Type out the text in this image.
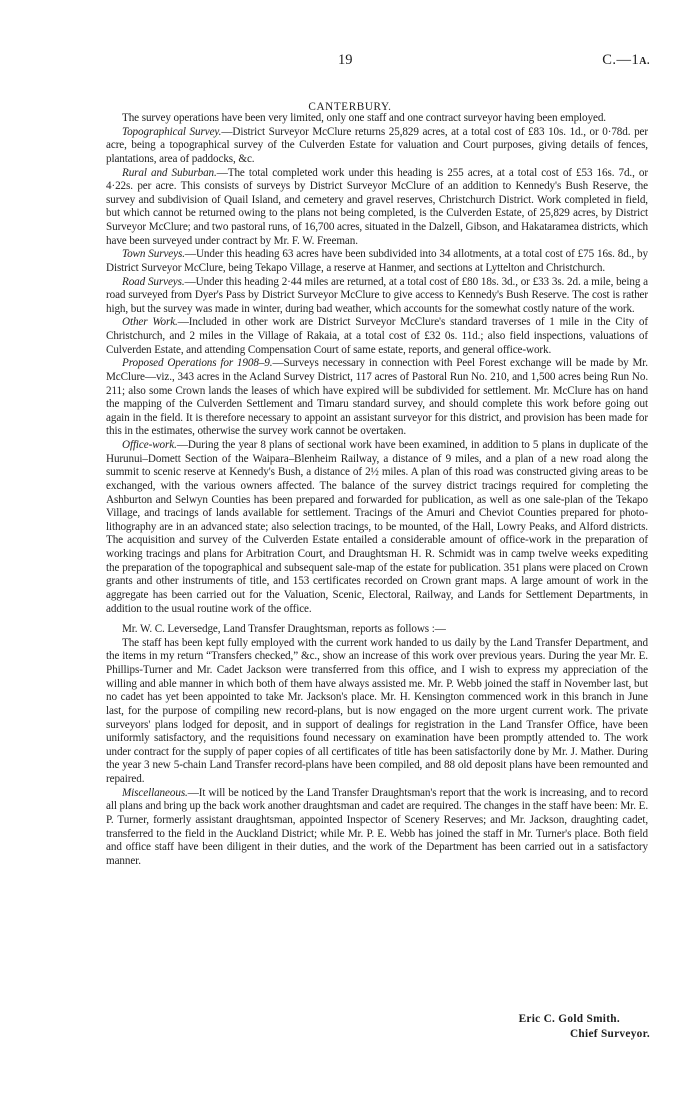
19	C.—1A.
CANTERBURY.

The survey operations have been very limited, only one staff and one contract surveyor having been employed.

Topographical Survey.—District Surveyor McClure returns 25,829 acres, at a total cost of £83 10s. 1d., or 0·78d. per acre, being a topographical survey of the Culverden Estate for valuation and Court purposes, giving details of fences, plantations, area of paddocks, &c.

Rural and Suburban.—The total completed work under this heading is 255 acres, at a total cost of £53 16s. 7d., or 4·22s. per acre. This consists of surveys by District Surveyor McClure of an addition to Kennedy's Bush Reserve, the survey and subdivision of Quail Island, and cemetery and gravel reserves, Christchurch District. Work completed in field, but which cannot be returned owing to the plans not being completed, is the Culverden Estate, of 25,829 acres, by District Surveyor McClure; and two pastoral runs, of 16,700 acres, situated in the Dalzell, Gibson, and Hakataramea districts, which have been surveyed under contract by Mr. F. W. Freeman.

Town Surveys.—Under this heading 63 acres have been subdivided into 34 allotments, at a total cost of £75 16s. 8d., by District Surveyor McClure, being Tekapo Village, a reserve at Hanmer, and sections at Lyttelton and Christchurch.

Road Surveys.—Under this heading 2·44 miles are returned, at a total cost of £80 18s. 3d., or £33 3s. 2d. a mile, being a road surveyed from Dyer's Pass by District Surveyor McClure to give access to Kennedy's Bush Reserve. The cost is rather high, but the survey was made in winter, during bad weather, which accounts for the somewhat costly nature of the work.

Other Work.—Included in other work are District Surveyor McClure's standard traverses of 1 mile in the City of Christchurch, and 2 miles in the Village of Rakaia, at a total cost of £32 0s. 11d.; also field inspections, valuations of Culverden Estate, and attending Compensation Court of same estate, reports, and general office-work.

Proposed Operations for 1908–9.—Surveys necessary in connection with Peel Forest exchange will be made by Mr. McClure—viz., 343 acres in the Acland Survey District, 117 acres of Pastoral Run No. 210, and 1,500 acres being Run No. 211; also some Crown lands the leases of which have expired will be subdivided for settlement. Mr. McClure has on hand the mapping of the Culverden Settlement and Timaru standard survey, and should complete this work before going out again in the field. It is therefore necessary to appoint an assistant surveyor for this district, and provision has been made for this in the estimates, otherwise the survey work cannot be overtaken.

Office-work.—During the year 8 plans of sectional work have been examined, in addition to 5 plans in duplicate of the Hurunui–Domett Section of the Waipara–Blenheim Railway, a distance of 9 miles, and a plan of a new road along the summit to scenic reserve at Kennedy's Bush, a distance of 2½ miles. A plan of this road was constructed giving areas to be exchanged, with the various owners affected. The balance of the survey district tracings required for completing the Ashburton and Selwyn Counties has been prepared and forwarded for publication, as well as one sale-plan of the Tekapo Village, and tracings of lands available for settlement. Tracings of the Amuri and Cheviot Counties prepared for photo-lithography are in an advanced state; also selection tracings, to be mounted, of the Hall, Lowry Peaks, and Alford districts. The acquisition and survey of the Culverden Estate entailed a considerable amount of office-work in the preparation of working tracings and plans for Arbitration Court, and Draughtsman H. R. Schmidt was in camp twelve weeks expediting the preparation of the topographical and subsequent sale-map of the estate for publication. 351 plans were placed on Crown grants and other instruments of title, and 153 certificates recorded on Crown grant maps. A large amount of work in the aggregate has been carried out for the Valuation, Scenic, Electoral, Railway, and Lands for Settlement Departments, in addition to the usual routine work of the office.

Mr. W. C. Leversedge, Land Transfer Draughtsman, reports as follows :—

The staff has been kept fully employed with the current work handed to us daily by the Land Transfer Department, and the items in my return “Transfers checked,” &c., show an increase of this work over previous years. During the year Mr. E. Phillips-Turner and Mr. Cadet Jackson were transferred from this office, and I wish to express my appreciation of the willing and able manner in which both of them have always assisted me. Mr. P. Webb joined the staff in November last, but no cadet has yet been appointed to take Mr. Jackson's place. Mr. H. Kensington commenced work in this branch in June last, for the purpose of compiling new record-plans, but is now engaged on the more urgent current work. The private surveyors' plans lodged for deposit, and in support of dealings for registration in the Land Transfer Office, have been uniformly satisfactory, and the requisitions found necessary on examination have been promptly attended to. The work under contract for the supply of paper copies of all certificates of title has been satisfactorily done by Mr. J. Mather. During the year 3 new 5-chain Land Transfer record-plans have been compiled, and 88 old deposit plans have been remounted and repaired.

Miscellaneous.—It will be noticed by the Land Transfer Draughtsman's report that the work is increasing, and to record all plans and bring up the back work another draughtsman and cadet are required. The changes in the staff have been: Mr. E. P. Turner, formerly assistant draughtsman, appointed Inspector of Scenery Reserves; and Mr. Jackson, draughting cadet, transferred to the field in the Auckland District; while Mr. P. E. Webb has joined the staff in Mr. Turner's place. Both field and office staff have been diligent in their duties, and the work of the Department has been carried out in a satisfactory manner.

Eric C. Gold Smith.
Chief Surveyor.
